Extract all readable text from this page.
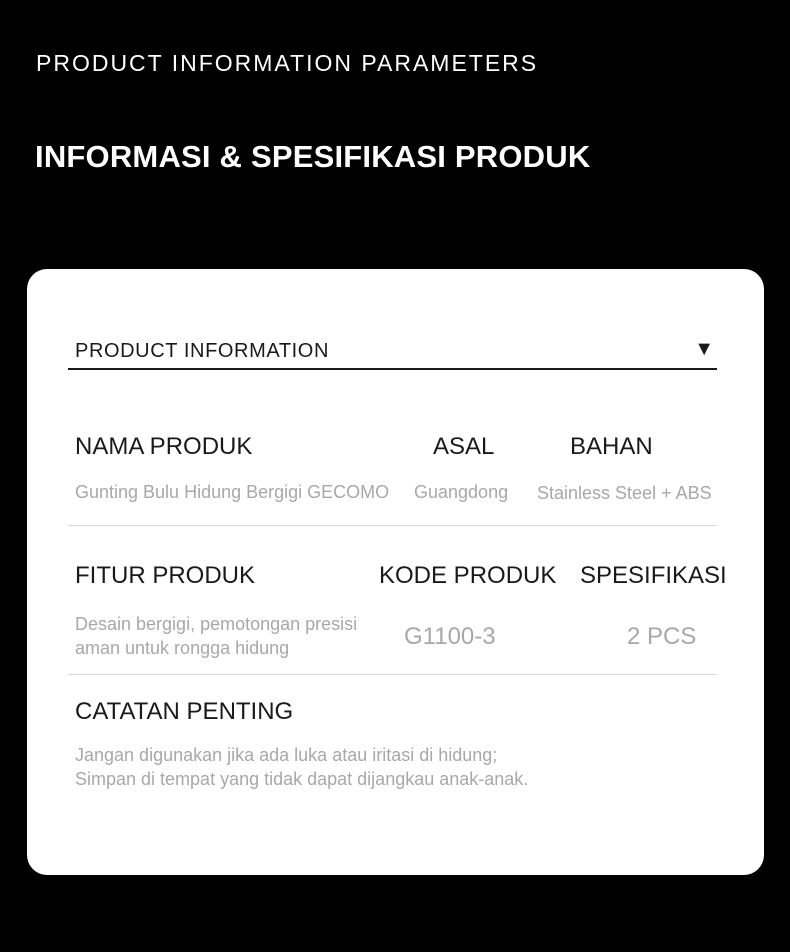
PRODUCT INFORMATION PARAMETERS
INFORMASI & SPESIFIKASI PRODUK
PRODUCT INFORMATION	▼
NAMA PRODUK
Gunting Bulu Hidung Bergigi GECOMO
ASAL
Guangdong
BAHAN
Stainless Steel + ABS
FITUR PRODUK
Desain bergigi, pemotongan presisi
aman untuk rongga hidung
KODE PRODUK
G1100-3
SPESIFIKASI
2 PCS
CATATAN PENTING
Jangan digunakan jika ada luka atau iritasi di hidung;
Simpan di tempat yang tidak dapat dijangkau anak-anak.
